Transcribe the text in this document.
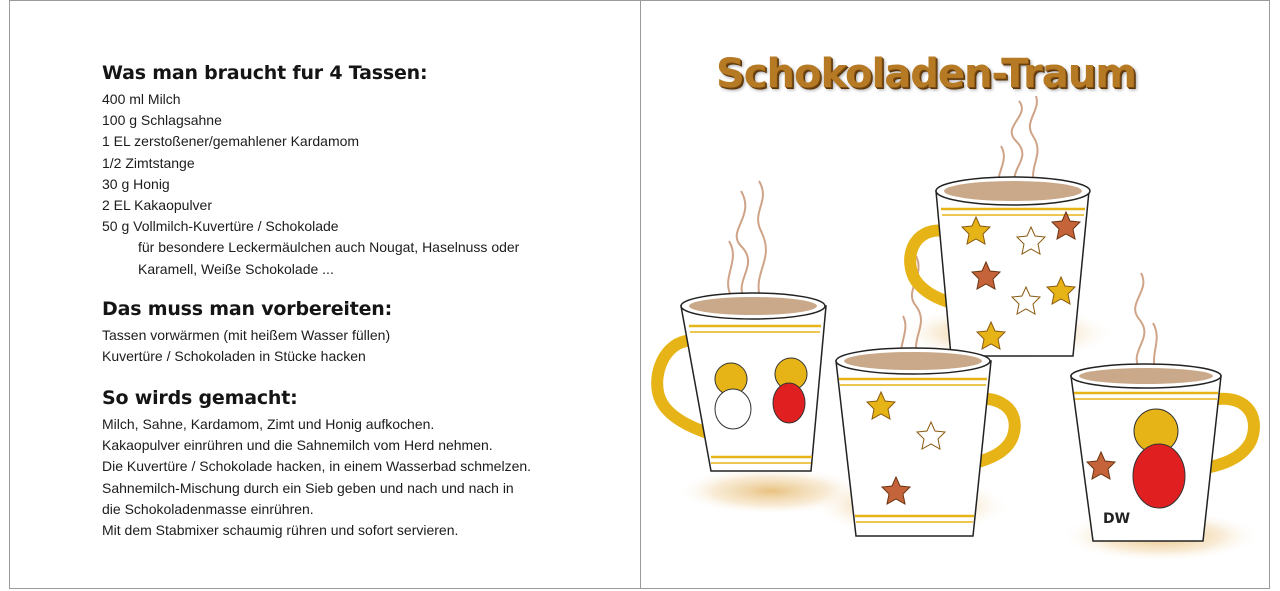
Was man braucht fur 4 Tassen:

400 ml Milch

100 g Schlagsahne

1 EL zerstoßener/gemahlener Kardamom

1/2 Zimtstange

30 g Honig

2 EL Kakaopulver

50 g Vollmilch-Kuvertüre / Schokolade

für besondere Leckermäulchen auch Nougat, Haselnuss oder

Karamell, Weiße Schokolade ...

Das muss man vorbereiten:

Tassen vorwärmen (mit heißem Wasser füllen)

Kuvertüre / Schokoladen in Stücke hacken

So wirds gemacht:

Milch, Sahne, Kardamom, Zimt und Honig aufkochen.

Kakaopulver einrühren und die Sahnemilch vom Herd nehmen.

Die Kuvertüre / Schokolade hacken, in einem Wasserbad schmelzen.

Sahnemilch-Mischung durch ein Sieb geben und nach und nach in

die Schokoladenmasse einrühren.

Mit dem Stabmixer schaumig rühren und sofort servieren.

Schokoladen-Traum
DW
